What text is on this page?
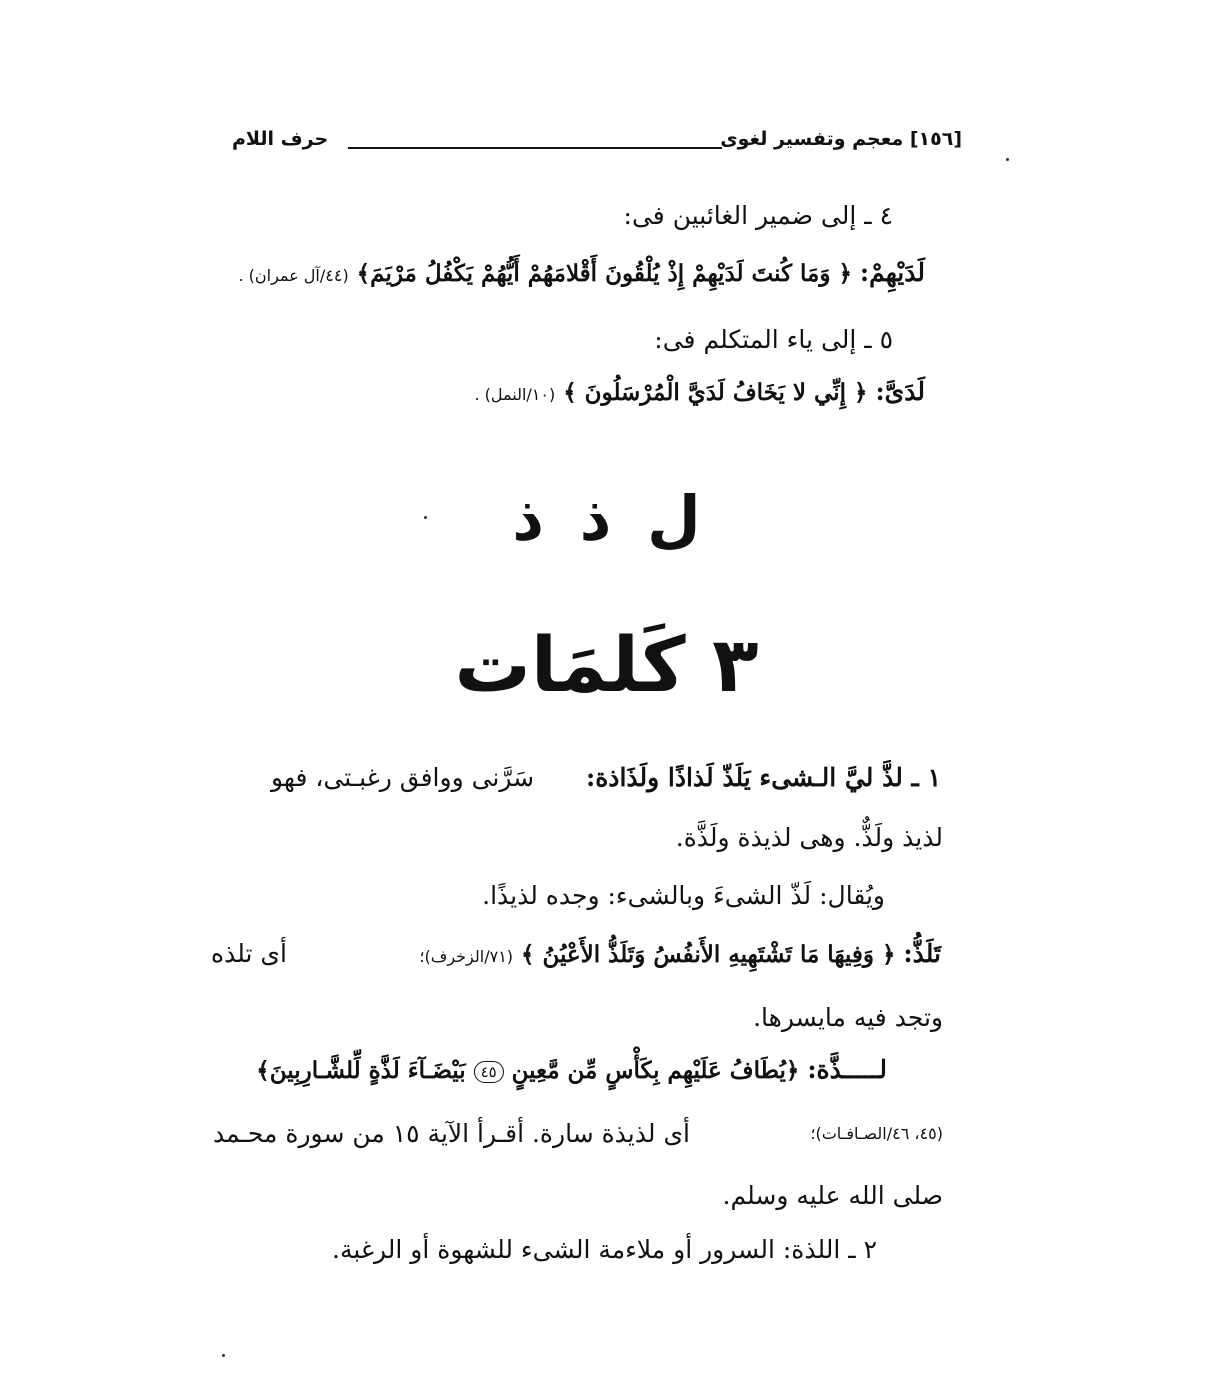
حرف اللام	[١٥٦] معجم وتفسير لغوى
٤ ـ إلى ضمير الغائبين فى:
لَدَيْهِمْ: ﴿ وَمَا كُنتَ لَدَيْهِمْ إِذْ يُلْقُونَ أَقْلامَهُمْ أَيُّهُمْ يَكْفُلُ مَرْيَمَ﴾ (٤٤/آل عمران) .
٥ ـ إلى ياء المتكلم فى:
لَدَىَّ: ﴿ إِنِّي لا يَخَافُ لَدَيَّ الْمُرْسَلُونَ ﴾ (١٠/النمل) .
ل ذ ذ
٣ كَلمَات
١ ـ لذَّ ليَّ الـشىء يَلَذّ لَذاذًا ولَذَاذة:
سَرَّنى ووافق رغبـتى، فهو
لذيذ ولَذٌّ. وهى لذيذة ولَذَّة.
ويُقال: لَذّ الشىءَ وبالشىء: وجده لذيذًا.
تَلَذُّ: ﴿ وَفِيهَا مَا تَشْتَهِيهِ الأَنفُسُ وَتَلَذُّ الأَعْيُنُ ﴾ (٧١/الزخرف)؛
أى تلذه
وتجد فيه مايسرها.
لـــــذَّة: ﴿يُطَافُ عَلَيْهِم بِكَأْسٍ مِّن مَّعِينٍ ٤٥ بَيْضَـآءَ لَذَّةٍ لِّلشَّـارِبِينَ﴾
(٤٥، ٤٦/الصـافـات)؛
أى لذيذة سارة. أقـرأ الآية ١٥ من سورة محـمد
صلى الله عليه وسلم.
٢ ـ اللذة: السرور أو ملاءمة الشىء للشهوة أو الرغبة.
